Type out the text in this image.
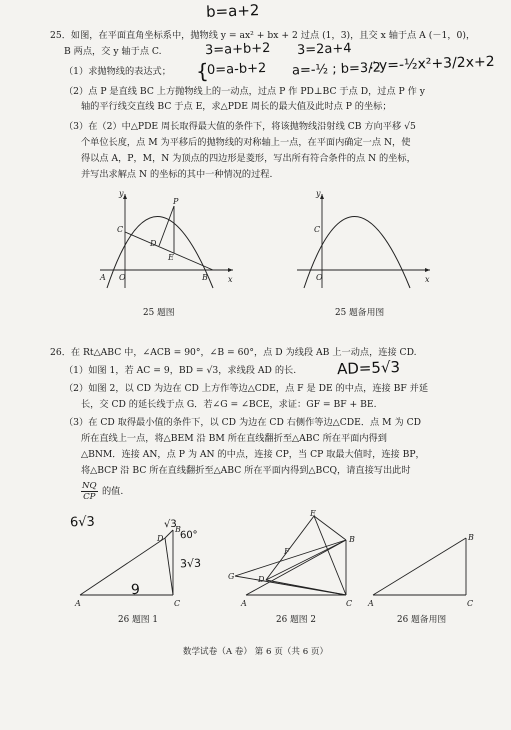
b=a+2
25．如图，在平面直角坐标系中，抛物线 y = ax² + bx + 2 过点 (1，3)，且交 x 轴于点 A (－1，0)，
B 两点，交 y 轴于点 C.	3=a+b+2 3=2a+4
（1）求抛物线的表达式； {
0=a-b+2 a=-½ ; b=3/2
∴y=-½x²+3/2x+2
（2）点 P 是直线 BC 上方抛物线上的一动点，过点 P 作 PD⊥BC 于点 D，过点 P 作 y
轴的平行线交直线 BC 于点 E，求△PDE 周长的最大值及此时点 P 的坐标；
（3）在（2）中△PDE 周长取得最大值的条件下，将该抛物线沿射线 CB 方向平移 √5
个单位长度，点 M 为平移后的抛物线的对称轴上一点，在平面内确定一点 N，使
得以点 A，P，M，N 为顶点的四边形是菱形，写出所有符合条件的点 N 的坐标，
并写出求解点 N 的坐标的其中一种情况的过程.
y
x
O
A	B
C
D
E
P
25 题图
y
x
O
C
25 题备用图
26．在 Rt△ABC 中，∠ACB = 90°，∠B = 60°，点 D 为线段 AB 上一动点，连接 CD.
（1）如图 1，若 AC = 9，BD = √3，求线段 AD 的长.	AD=5√3
（2）如图 2，以 CD 为边在 CD 上方作等边△CDE，点 F 是 DE 的中点，连接 BF 并延
长，交 CD 的延长线于点 G．若∠G = ∠BCE，求证：GF = BF + BE.
（3）在 CD 取得最小值的条件下，以 CD 为边在 CD 右侧作等边△CDE．点 M 为 CD
所在直线上一点，将△BEM 沿 BM 所在直线翻折至△ABC 所在平面内得到
△BNM．连接 AN，点 P 为 AN 的中点，连接 CP，当 CP 取最大值时，连接 BP，
将△BCP 沿 BC 所在直线翻折至△ABC 所在平面内得到△BCQ，请直接写出此时
$\frac{NQ}{CP}$ 的值.
6√3
A	C
B
D
√3
60°
3√3
9
26 题图 1
A	C
B
E
F
D
G
26 题图 2
A	C
B
26 题备用图
数学试卷（A 卷） 第 6 页（共 6 页）
